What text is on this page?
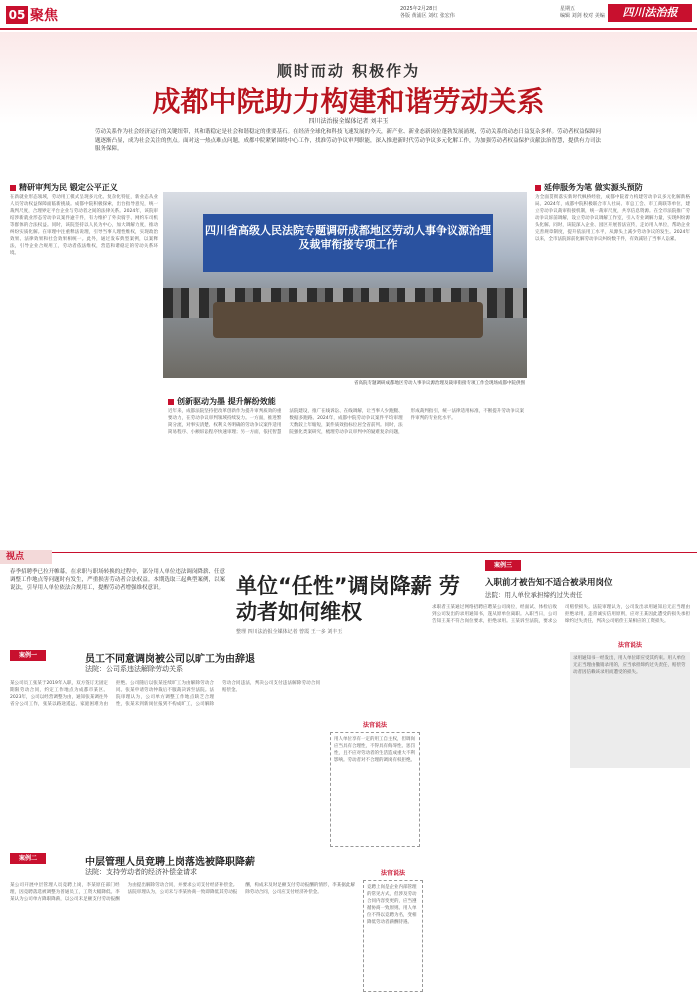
05 聚焦	2025年2月28日
各版 黄浦区 刘红 张宏伟
星期五
编辑 刘剑 校对 美编	四川法治报
顺时而动 积极作为
成都中院助力构建和谐劳动关系
四川法治报全媒体记者 刘丰玉
劳动关系作为社会经济运行的关键纽带，其和谐稳定是社会和谐稳定的重要基石。在经济全球化和科技飞速发展的今天，新产业、新业态新岗位蓬勃发展涌现，劳动关系的动态日益复杂多样。劳动者权益保障问题逐渐凸显，成为社会关注的焦点。面对这一热点难点问题，成都中院紧紧围绕中心工作，找准劳动争议审判职能，深入推进新时代劳动争议多元化解工作，为加强劳动者权益保护贡献法治智慧，提供有力司法服务保障。
精研审判为民 锻定公平正义
在新就业形态领域，劳动用工模式呈现多元化、复杂化特征，新业态从业人员劳动权益保障面临新挑战。成都中院积极探索，出台指导意见，统一裁判尺度，合理界定平台企业与劳动者之间的法律关系。2024年，该院审结涉新就业形态劳动争议案件逾千件，有力维护了外卖骑手、网约车司机等群体的合法权益。同时，该院坚持以人民为中心，加大调解力度，推动纠纷实质化解。在审理中注重释法说理，引导当事人理性维权，实现政治效果、法律效果和社会效果相统一。此外，通过发布典型案例，以案释法，引导企业合规用工，劳动者依法维权，营造和谐稳定的劳动关系环境。
四川省高级人民法院专题调研成都地区劳动人事争议源治理及裁审衔接专项工作
省高院专题调研成都地区劳动人事争议源治理及裁审衔接专项工作会现场成都中院供图
创新驱动为墨 提升解纷效能
近年来，成都法院坚持把改革创新作为提升审判质效的重要动力，在劳动争议审判领域持续发力。一方面，推进繁简分流，对事实清楚、权利义务明确的劳动争议案件适用简易程序、小额诉讼程序快速审理；另一方面，依托智慧法院建设，推广在线诉讼、在线调解，让当事人少跑腿、数据多跑路。2024年，成都中院劳动争议案件平均审理天数较上年缩短，案件质效指标位居全省前列。同时，法院强化类案研究，梳理劳动争议审判中的疑难复杂问题，形成裁判指引，统一法律适用标准，不断提升劳动争议案件审判的专业化水平。
延伸服务为笔 做实源头预防
为全面贯彻落实新时代枫桥经验，成都中院着力构建劳动争议多元化解新格局。2024年，成都中院积极联合市人社局、市总工会、市工商联等单位，建立劳动争议裁审衔接机制，统一裁审尺度，共享信息资源。在全市法院推广劳动争议诉前调解，设立劳动争议调解工作室，引入专业调解力量，实现纠纷源头化解。同时，该院深入企业、园区开展普法宣传，走访用人单位，帮助企业完善规章制度，提升依法用工水平，从源头上减少劳动争议的发生。2024年以来，全市法院诉前化解劳动争议纠纷数千件，有效减轻了当事人讼累。
视点
春季招聘季已拉开帷幕，在求职与职场转换的过程中，部分用人单位违法调岗降薪、任意调整工作地点等问题时有发生，严重损害劳动者合法权益。本期选取三起典型案例，以案说法，引导用人单位依法合规用工，提醒劳动者增强维权意识。	单位“任性”调岗降薪 劳动者如何维权
整理 四川法治报全媒体记者 曾霞 王一多 刘丰玉
案例一	员工不同意调岗被公司以旷工为由辞退
法院：公司系违法解除劳动关系
某公司员工张某于2019年入职，双方签订无固定期限劳动合同，约定工作地点为成都市某区。2023年，公司以经营调整为由，通知张某调往外省分公司工作，张某以路途遥远、家庭困难为由拒绝。公司随后以张某连续旷工为由解除劳动合同。张某申请劳动仲裁后不服裁决诉至法院。法院审理认为，公司单方调整工作地点缺乏合理性，张某未到新岗位报到不构成旷工，公司解除劳动合同违法，判决公司支付违法解除劳动合同赔偿金。
法官说法
用人单位享有一定的用工自主权，但调岗应当具有合理性，不得具有侮辱性、惩罚性，且不应对劳动者的生活造成重大不利影响。劳动者对不合理的调岗有权拒绝。
案例二	中层管理人员竞聘上岗落选被降职降薪
法院：支持劳动者的经济补偿金请求
某公司开展中层管理人员竞聘上岗，李某原任部门经理，因竞聘落选被调整为普通员工，工资大幅降低。李某认为公司单方降职降薪，以公司未足额支付劳动报酬为由提出解除劳动合同，并要求公司支付经济补偿金。法院审理认为，公司未与李某协商一致即降低其劳动报酬，构成未及时足额支付劳动报酬的情形，李某据此解除劳动合同，公司应支付经济补偿金。
法官说法
竞聘上岗是企业内部管理的常见方式，但涉及劳动合同内容变更的，应当遵循协商一致原则。用人单位不得以竞聘为名，变相降低劳动者薪酬待遇。
案例三
入职前才被告知不适合被录用岗位
法院：用人单位承担缔约过失责任
求职者王某通过网络招聘应聘某公司岗位，经面试、体检后收到公司发出的录用通知书，遂从原单位离职。入职当日，公司告知王某不符合岗位要求，拒绝录用。王某诉至法院，要求公司赔偿损失。法院审理认为，公司发出录用通知后无正当理由拒绝录用，违背诚实信用原则，应对王某因此遭受的损失承担缔约过失责任，判决公司赔偿王某相应的工资损失。
法官说法
录用通知书一经发出，用人单位即应受其约束。用人单位无正当理由撤销录用的，应当承担缔约过失责任，赔偿劳动者因信赖该录用而遭受的损失。
